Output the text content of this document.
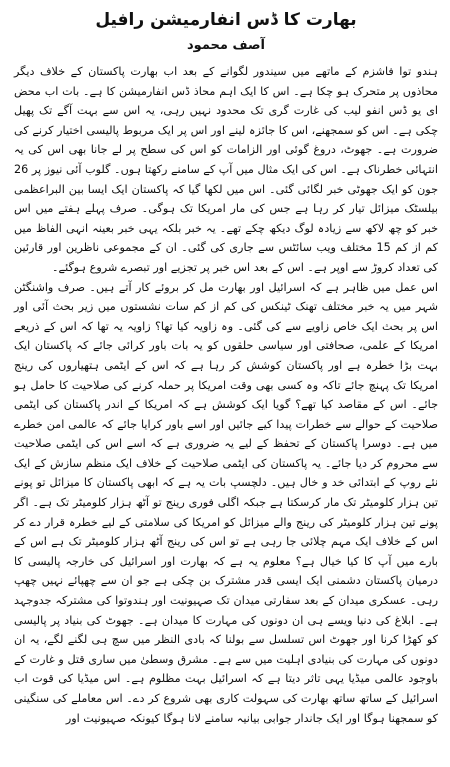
بھارت کا ڈس انفارمیشن رافیل
آصف محمود

ہندو توا فاشزم کے ماتھے میں سیندور لگوانے کے بعد اب بھارت پاکستان کے خلاف دیگر محاذوں پر متحرک ہو چکا ہے۔ اس کا ایک اہم محاذ ڈس انفارمیشن کا ہے۔ بات اب محض ای یو ڈس انفو لیب کی غارت گری تک محدود نہیں رہی، یہ اس سے بہت آگے تک پھیل چکی ہے۔ اس کو سمجھنے، اس کا جائزہ لینے اور اس پر ایک مربوط پالیسی اختیار کرنے کی ضرورت ہے۔ جھوٹ، دروغ گوئی اور الزامات کو اس کی سطح پر لے جانا بھی اس کی یہ انتہائی خطرناک ہے۔ اس کی ایک مثال میں آپ کے سامنے رکھتا ہوں۔ گلوب آئی نیوز پر 26 جون کو ایک جھوٹی خبر لگائی گئی۔ اس میں لکھا گیا کہ پاکستان ایک ایسا بین البراعظمی بیلسٹک میزائل تیار کر رہا ہے جس کی مار امریکا تک ہوگی۔ صرف پہلے ہفتے میں اس خبر کو چھ لاکھ سے زیادہ لوگ دیکھ چکے تھے۔ یہ خبر بلکہ یہی خبر بعینہ انہی الفاظ میں کم از کم 15 مختلف ویب سائٹس سے جاری کی گئی۔ ان کے مجموعی ناظرین اور قارئین کی تعداد کروڑ سے اوپر ہے۔ اس کے بعد اس خبر پر تجزیے اور تبصرے شروع ہوگئے۔

اس عمل میں ظاہر ہے کہ اسرائیل اور بھارت مل کر بروئے کار آتے ہیں۔ صرف واشنگٹن شہر میں یہ خبر مختلف تھنک ٹینکس کی کم از کم سات نشستوں میں زیر بحث آئی اور اس پر بحث ایک خاص زاویے سے کی گئی۔ وہ زاویہ کیا تھا؟ زاویہ یہ تھا کہ اس کے ذریعے امریکا کے علمی، صحافتی اور سیاسی حلقوں کو یہ بات باور کرائی جائے کہ پاکستان ایک بہت بڑا خطرہ ہے اور پاکستان کوشش کر رہا ہے کہ اس کے ایٹمی ہتھیاروں کی رینج امریکا تک پہنچ جائے تاکہ وہ کسی بھی وقت امریکا پر حملہ کرنے کی صلاحیت کا حامل ہو جائے۔ اس کے مقاصد کیا تھے؟ گویا ایک کوشش ہے کہ امریکا کے اندر پاکستان کی ایٹمی صلاحیت کے حوالے سے خطرات پیدا کیے جائیں اور اسے باور کرایا جائے کہ عالمی امن خطرے میں ہے۔ دوسرا پاکستان کے تحفظ کے لیے یہ ضروری ہے کہ اسے اس کی ایٹمی صلاحیت سے محروم کر دیا جائے۔ یہ پاکستان کی ایٹمی صلاحیت کے خلاف ایک منظم سازش کے ایک نئے روپ کے ابتدائی خد و خال ہیں۔ دلچسپ بات یہ ہے کہ ابھی پاکستان کا میزائل تو پونے تین ہزار کلومیٹر تک مار کرسکتا ہے جبکہ اگلی فوری رینج تو آٹھ ہزار کلومیٹر تک ہے۔ اگر پونے تین ہزار کلومیٹر کی رینج والے میزائل کو امریکا کی سلامتی کے لیے خطرہ قرار دے کر اس کے خلاف ایک مہم چلائی جا رہی ہے تو اس کی رینج آٹھ ہزار کلومیٹر تک ہے اس کے بارے میں آپ کا کیا خیال ہے؟ معلوم یہ ہے کہ بھارت اور اسرائیل کی خارجہ پالیسی کا درمیان پاکستان دشمنی ایک ایسی قدر مشترک بن چکی ہے جو ان سے چھپائے نہیں چھپ رہی۔ عسکری میدان کے بعد سفارتی میدان تک صہیونیت اور ہندوتوا کی مشترکہ جدوجہد ہے۔ ابلاغ کی دنیا ویسے ہی ان دونوں کی مہارت کا میدان ہے۔ جھوٹ کی بنیاد پر پالیسی کو کھڑا کرنا اور جھوٹ اس تسلسل سے بولنا کہ بادی النظر میں سچ ہی لگنے لگے، یہ ان دونوں کی مہارت کی بنیادی اہلیت میں سے ہے۔ مشرق وسطیٰ میں ساری قتل و غارت کے باوجود عالمی میڈیا یہی تاثر دیتا ہے کہ اسرائیل بہت مظلوم ہے۔ اس میڈیا کی قوت اب اسرائیل کے ساتھ ساتھ بھارت کی سہولت کاری بھی شروع کر دے۔ اس معاملے کی سنگینی کو سمجھنا ہوگا اور ایک جاندار جوابی بیانیہ سامنے لانا ہوگا کیونکہ صہیونیت اور
